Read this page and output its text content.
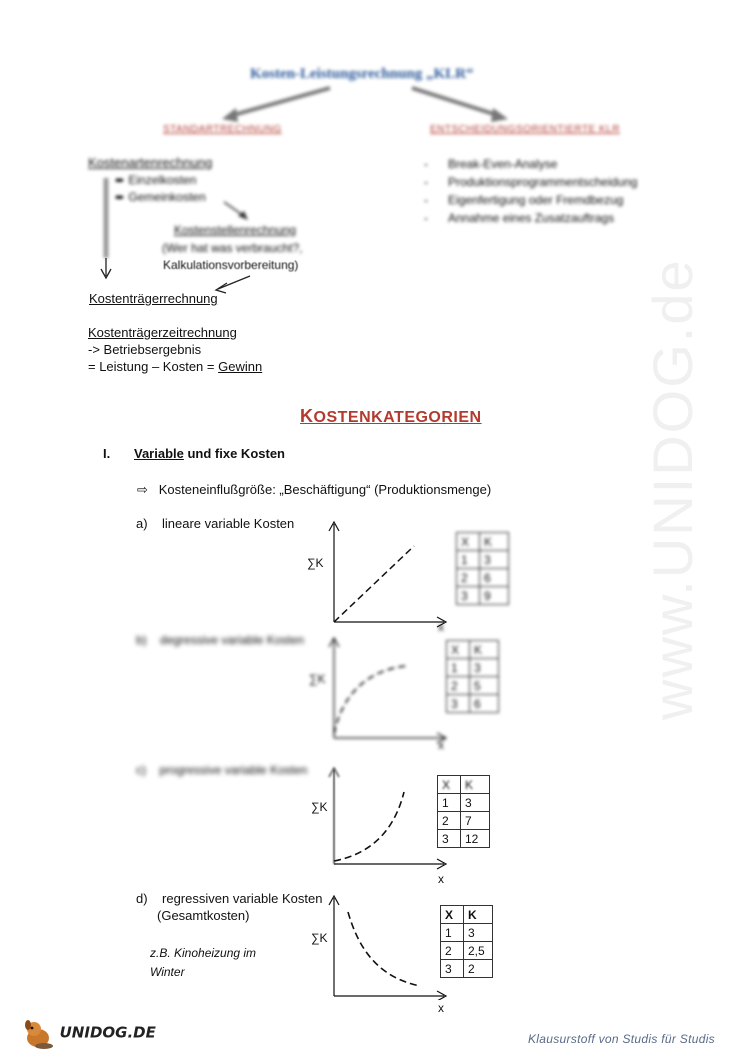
www.UNIDOG.de
Kosten-Leistungsrechnung „KLR“
STANDARTRECHNUNG	ENTSCHEIDUNGSORIENTIERTE KLR
Kostenartenrechnung
➨ Einzelkosten
➨ Gemeinkosten
Kostenstellenrechnung
(Wer hat was verbraucht?,
Kalkulationsvorbereitung)
-      Break-Even-Analyse
-      Produktionsprogrammentscheidung
-      Eigenfertigung oder Fremdbezug
-      Annahme eines Zusatzauftrags
Kostenträgerrechnung
Kostenträgerzeitrechnung
-> Betriebsergebnis
= Leistung – Kosten = Gewinn
KOSTENKATEGORIEN
I. Variable und fixe Kosten
⇨ Kosteneinflußgröße: „Beschäftigung“ (Produktionsmenge)
a) lineare variable Kosten
∑K
x
X	K
1	3
2	6
3	9
b) degressive variable Kosten
∑K
x
X	K
1	3
2	5
3	6
c) progressive variable Kosten
∑K
x
X	K
1	3
2	7
3	12
d) regressiven variable Kosten
(Gesamtkosten)
z.B. Kinoheizung im
Winter
∑K
x
X	K
1	3
2	2,5
3	2
UNIDOG.DE	Klausurstoff von Studis für Studis
